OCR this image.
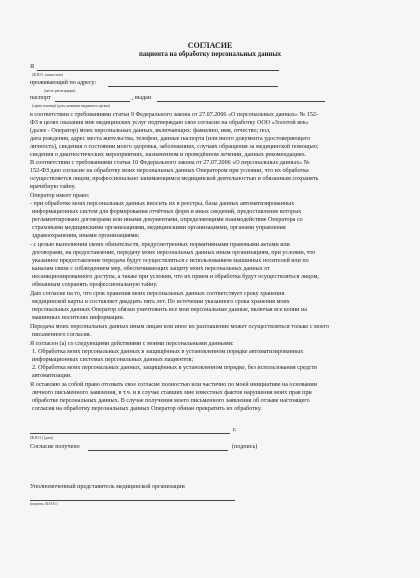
СОГЛАСИЕ
пациента на обработку персональных данных
Я
(Ф.И.О. полностью)
проживающий по адресу:
(место регистрации)
паспорт	, выдан
(серия и номер) (дата, название выдавшего органа)
в соответствии с требованиями статьи 9 Федерального закона от 27.07.2006 «О персональных данных» № 152-
ФЗ в целях оказания мне медицинских услуг подтверждаю свое согласие на обработку ООО «Золотой век»
(далее - Оператор) моих персональных данных, включающих: фамилию, имя, отчество; пол,
дата рождения, адрес места жительства, телефон, данные паспорта (или иного документа удостоверяющего
личность), сведения о состоянии моего здоровья, заболеваниях, случаях обращения за медицинской помощью;
сведения о диагностических мероприятиях, назначенном и проведённом лечении, данных рекомендациях.
В соответствии с требованиями статьи 10 Федерального закона от 27.07.2006 «О персональных данных» №
152-ФЗ даю согласие на обработку моих персональных данных Оператором при условии, что их обработка
осуществляется лицом, профессионально занимающимся медицинской деятельностью и обязанным сохранять
врачебную тайну.
Оператор имеет право:
- при обработке моих персональных данных вносить их в реестры, базы данных автоматизированных
информационных систем для формирования отчётных форм и иных сведений, предоставление которых
регламентировано договорами или иными документами, определяющими взаимодействие Оператора со
страховыми медицинскими организациями, медицинскими организациями, органами управления
здравоохранения, иными организациями;
- с целью выполнения своих обязательств, предусмотренных нормативными правовыми актами или
договорами, на предоставление, передачу моих персональных данных иным организациям, при условии, что
указанное предоставление передача будут осуществляться с использованием машинных носителей или по
каналам связи с соблюдением мер, обеспечивающих защиту моих персональных данных от
несанкционированного доступа, а также при условии, что их прием и обработка будут осуществляться лицом,
обязанным сохранять профессиональную тайну.
Даю согласие на то, что срок хранения моих персональных данных соответствует сроку хранения
медицинской карты и составляет двадцать пять лет. По истечении указанного срока хранения моих
персональных данных Оператор обязан уничтожить все мои персональные данные, включая все копии на
машинных носителях информации.
Передача моих персональных данных иным лицам или иное их разглашение может осуществляться только с моего
письменного согласия.
Я согласен (а) со следующими действиями с моими персональными данными:
1. Обработка моих персональных данных в защищённых в установленном порядке автоматизированных
информационных системах персональных данных пациентов;
2. Обработка моих персональных данных, защищённых в установленном порядке, без использования средств
автоматизации.
Я оставляю за собой право отозвать свое согласие полностью или частично по моей инициативе на основании
личного письменного заявления, в т.ч. и в случае ставших мне известных фактов нарушения моих прав при
обработке персональных данных. В случае получения моего письменного заявления об отзыве настоящего
согласия на обработку персональных данных Оператор обязан прекратить их обработку.
г.
(Ф.И.О.) (дата)
Согласие получено	(подпись)
Уполномоченный представитель медицинской организации
(подпись, Ф.И.О.)
